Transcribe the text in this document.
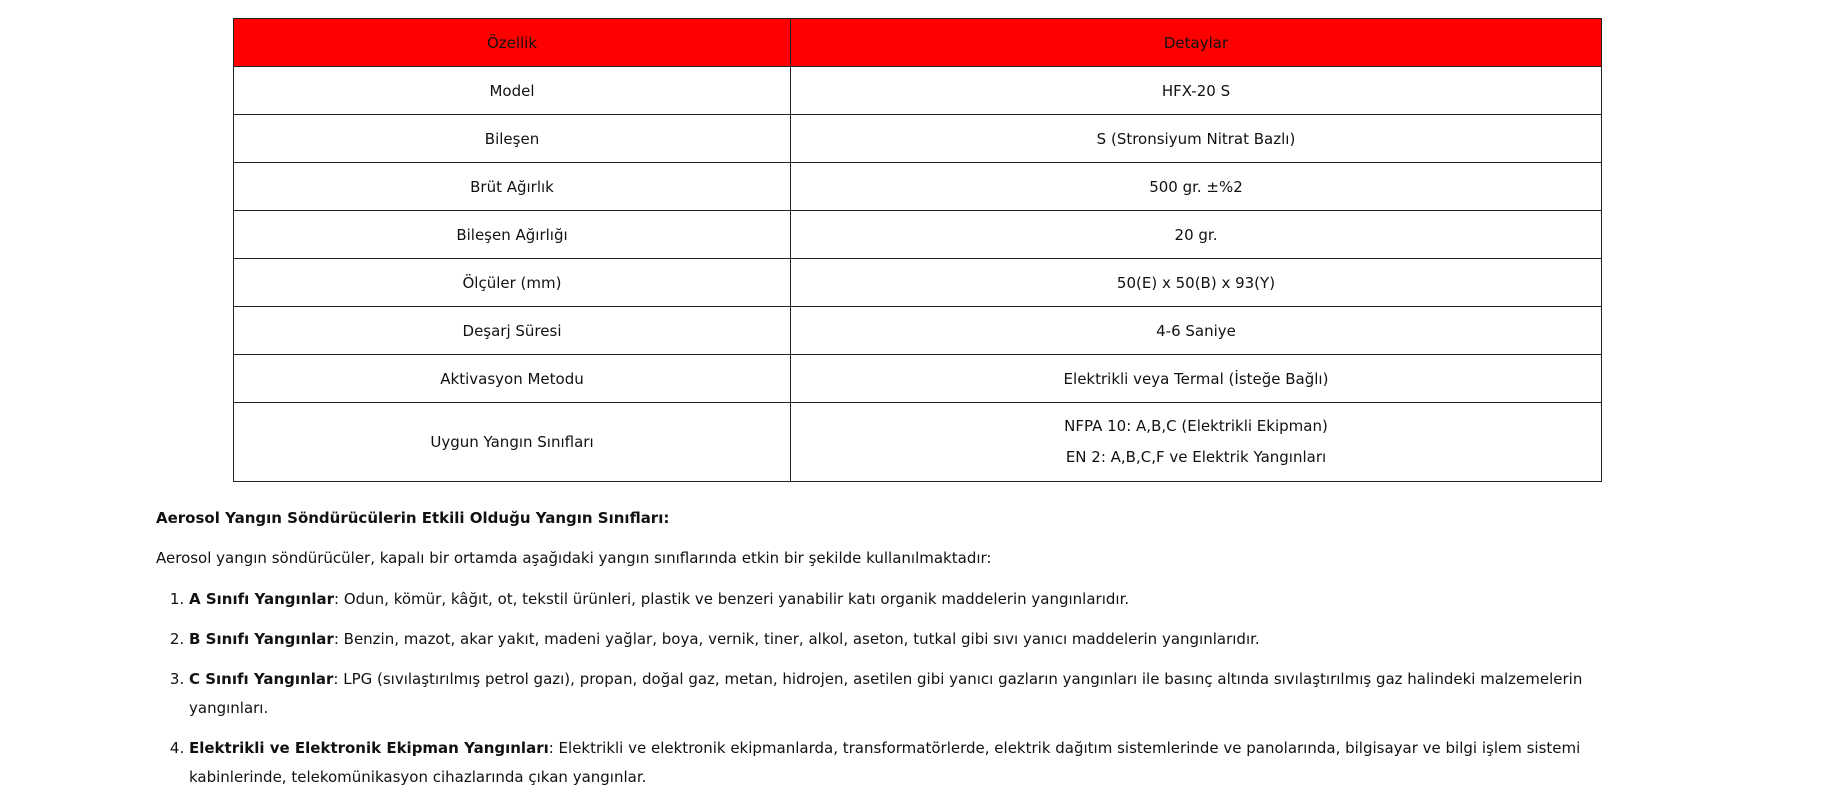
Özellik	Detaylar
Model	HFX-20 S
Bileşen	S (Stronsiyum Nitrat Bazlı)
Brüt Ağırlık	500 gr. ±%2
Bileşen Ağırlığı	20 gr.
Ölçüler (mm)	50(E) x 50(B) x 93(Y)
Deşarj Süresi	4-6 Saniye
Aktivasyon Metodu	Elektrikli veya Termal (İsteğe Bağlı)
Uygun Yangın Sınıfları	NFPA 10: A,B,C (Elektrikli Ekipman)
EN 2: A,B,C,F ve Elektrik Yangınları

Aerosol Yangın Söndürücülerin Etkili Olduğu Yangın Sınıfları:

Aerosol yangın söndürücüler, kapalı bir ortamda aşağıdaki yangın sınıflarında etkin bir şekilde kullanılmaktadır:

1. A Sınıfı Yangınlar: Odun, kömür, kâğıt, ot, tekstil ürünleri, plastik ve benzeri yanabilir katı organik maddelerin yangınlarıdır.
2. B Sınıfı Yangınlar: Benzin, mazot, akar yakıt, madeni yağlar, boya, vernik, tiner, alkol, aseton, tutkal gibi sıvı yanıcı maddelerin yangınlarıdır.
3. C Sınıfı Yangınlar: LPG (sıvılaştırılmış petrol gazı), propan, doğal gaz, metan, hidrojen, asetilen gibi yanıcı gazların yangınları ile basınç altında sıvılaştırılmış gaz halindeki malzemelerin yangınları.
4. Elektrikli ve Elektronik Ekipman Yangınları: Elektrikli ve elektronik ekipmanlarda, transformatörlerde, elektrik dağıtım sistemlerinde ve panolarında, bilgisayar ve bilgi işlem sistemi kabinlerinde, telekomünikasyon cihazlarında çıkan yangınlar.
